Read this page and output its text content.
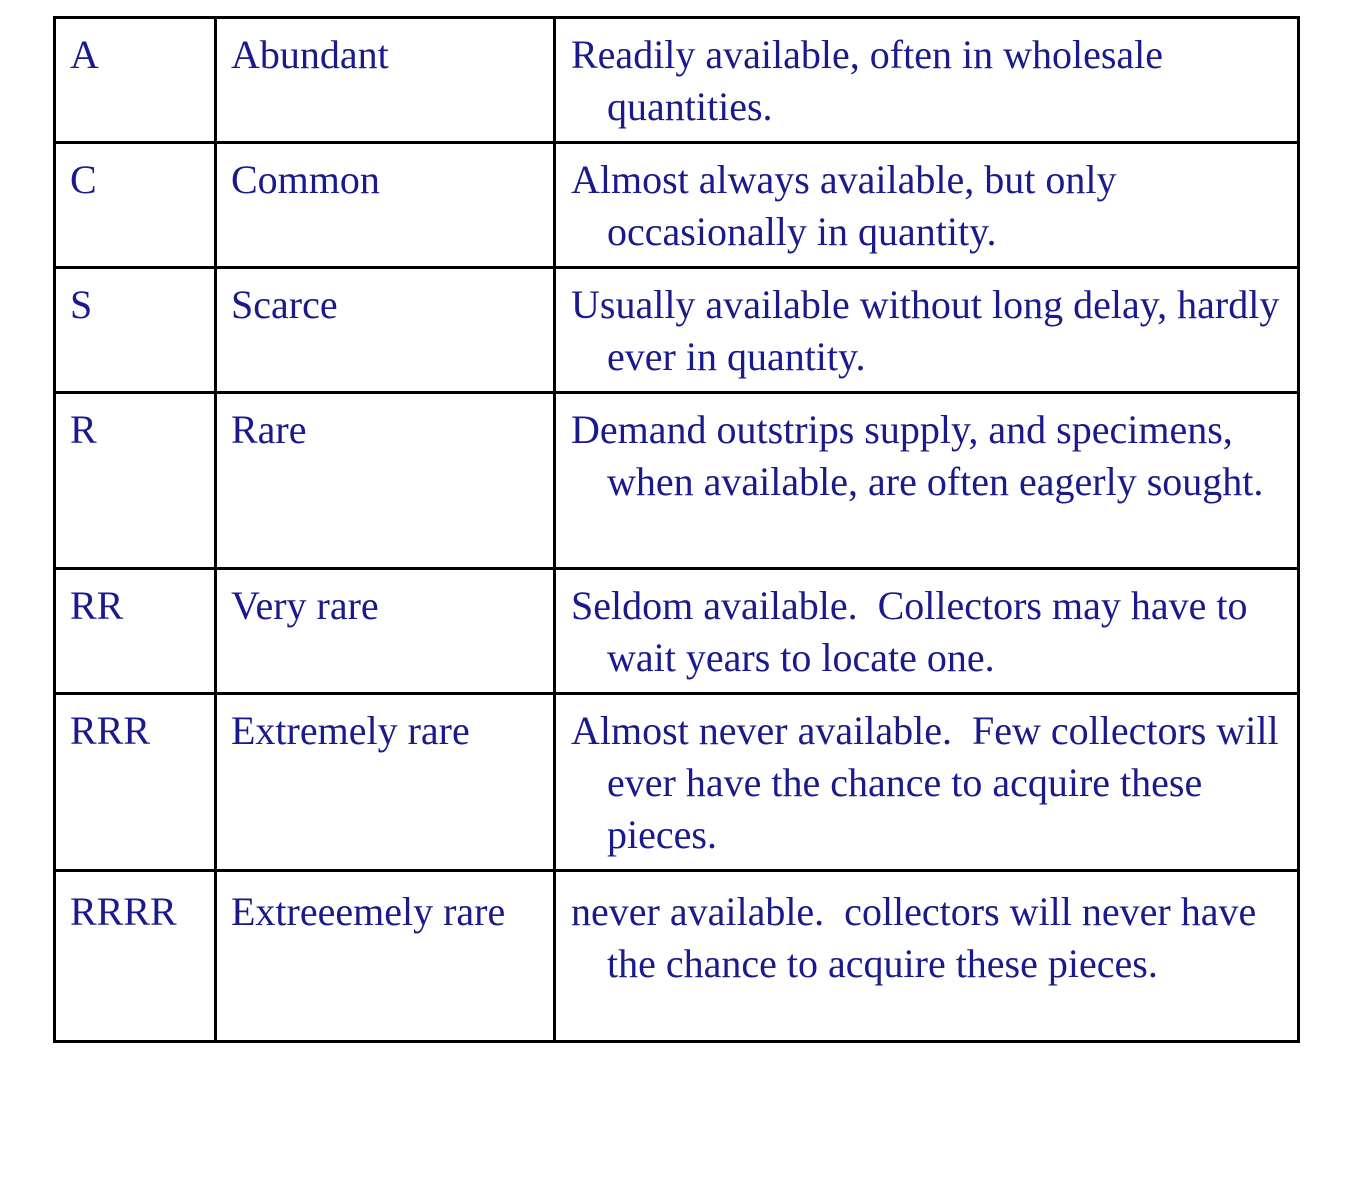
A	Abundant	Readily available, often in wholesale quantities.
C	Common	Almost always available, but only occasionally in quantity.
S	Scarce	Usually available without long delay, hardly ever in quantity.
R	Rare	Demand outstrips supply, and specimens, when available, are often eagerly sought.
RR	Very rare	Seldom available.  Collectors may have to wait years to locate one.
RRR	Extremely rare	Almost never available.  Few collectors will ever have the chance to acquire these pieces.
RRRR	Extreeemely rare	never available.  collectors will never have the chance to acquire these pieces.
